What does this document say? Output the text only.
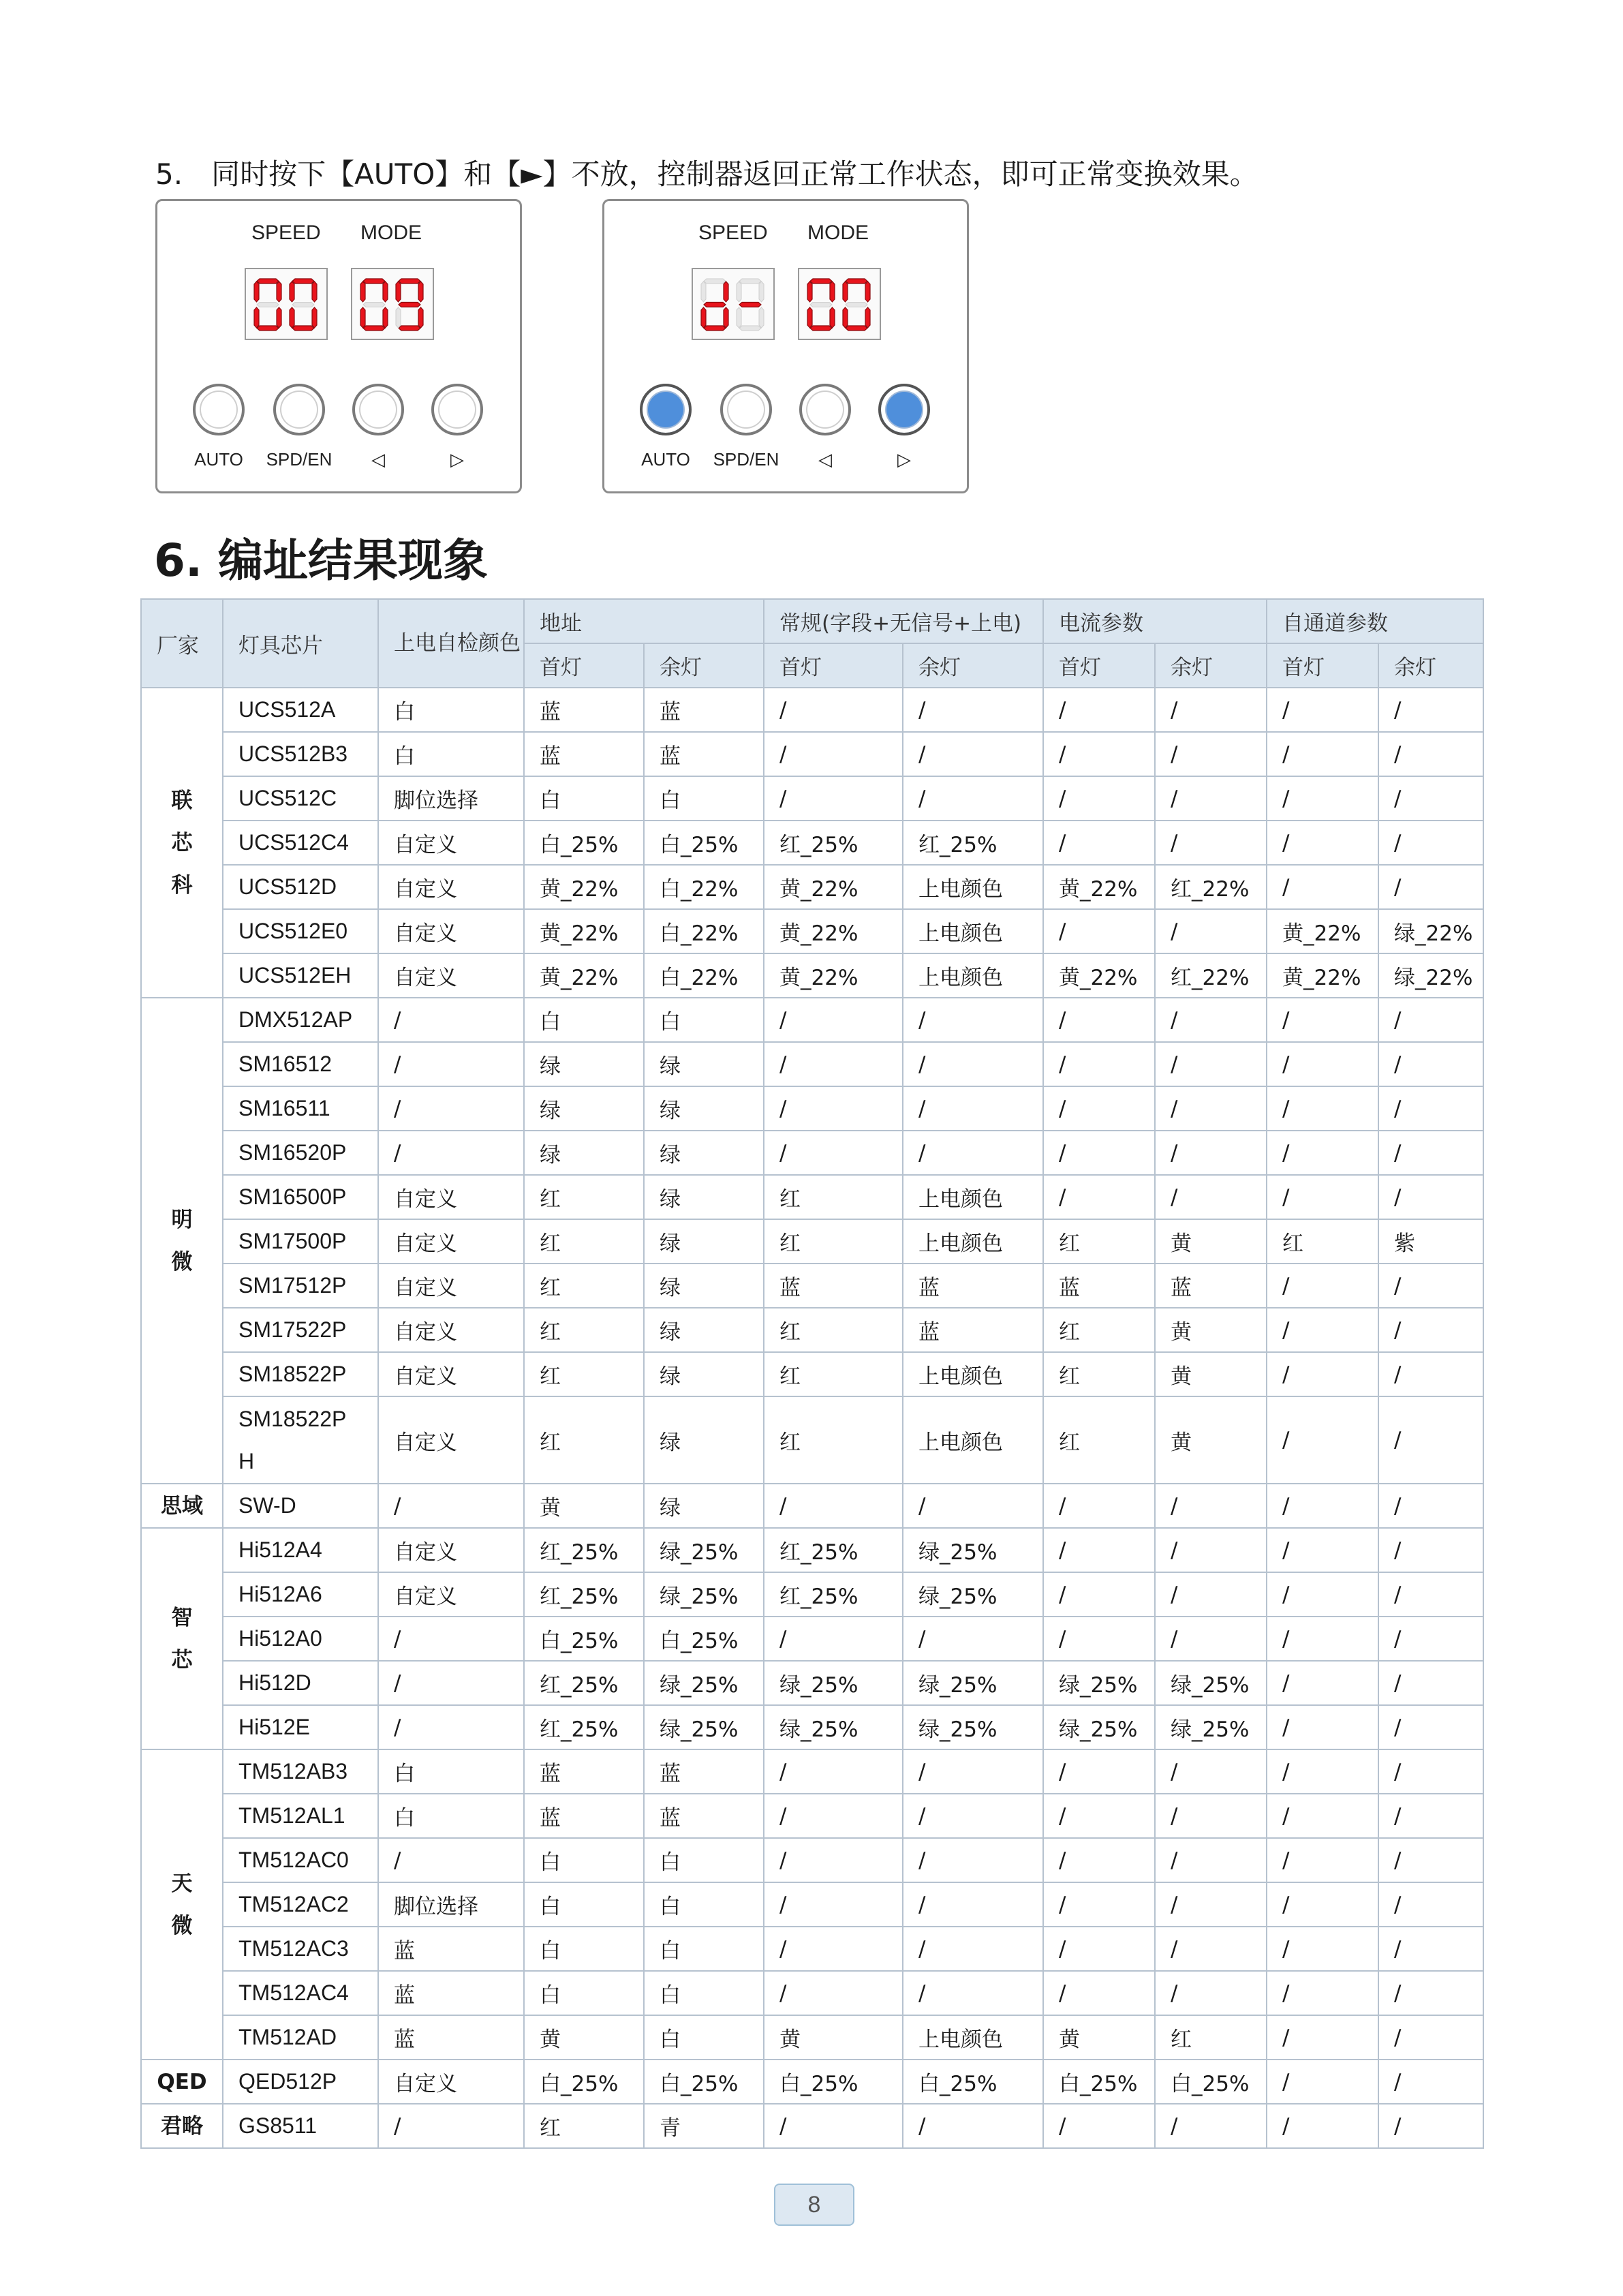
5. 同时按下【AUTO】和【►】不放，控制器返回正常工作状态，即可正常变换效果。
SPEED MODE
AUTO	SPD/EN	◁	▷
SPEED MODE
AUTO	SPD/EN	◁	▷
6. 编址结果现象
厂家	灯具芯片	上电自检颜色	地址		常规(字段+无信号+上电)		电流参数		自通道参数	
			首灯	余灯	首灯	余灯	首灯	余灯	首灯	余灯
联芯科	UCS512A	白	蓝	蓝	/	/	/	/	/	/
	UCS512B3	白	蓝	蓝	/	/	/	/	/	/
	UCS512C	脚位选择	白	白	/	/	/	/	/	/
	UCS512C4	自定义	白_25%	白_25%	红_25%	红_25%	/	/	/	/
	UCS512D	自定义	黄_22%	白_22%	黄_22%	上电颜色	黄_22%	红_22%	/	/
	UCS512E0	自定义	黄_22%	白_22%	黄_22%	上电颜色	/	/	黄_22%	绿_22%
	UCS512EH	自定义	黄_22%	白_22%	黄_22%	上电颜色	黄_22%	红_22%	黄_22%	绿_22%
明微	DMX512AP	/	白	白	/	/	/	/	/	/
	SM16512	/	绿	绿	/	/	/	/	/	/
	SM16511	/	绿	绿	/	/	/	/	/	/
	SM16520P	/	绿	绿	/	/	/	/	/	/
	SM16500P	自定义	红	绿	红	上电颜色	/	/	/	/
	SM17500P	自定义	红	绿	红	上电颜色	红	黄	红	紫
	SM17512P	自定义	红	绿	蓝	蓝	蓝	蓝	/	/
	SM17522P	自定义	红	绿	红	蓝	红	黄	/	/
	SM18522P	自定义	红	绿	红	上电颜色	红	黄	/	/
	SM18522PH	自定义	红	绿	红	上电颜色	红	黄	/	/
思域	SW-D	/	黄	绿	/	/	/	/	/	/
智芯	Hi512A4	自定义	红_25%	绿_25%	红_25%	绿_25%	/	/	/	/
	Hi512A6	自定义	红_25%	绿_25%	红_25%	绿_25%	/	/	/	/
	Hi512A0	/	白_25%	白_25%	/	/	/	/	/	/
	Hi512D	/	红_25%	绿_25%	绿_25%	绿_25%	绿_25%	绿_25%	/	/
	Hi512E	/	红_25%	绿_25%	绿_25%	绿_25%	绿_25%	绿_25%	/	/
天微	TM512AB3	白	蓝	蓝	/	/	/	/	/	/
	TM512AL1	白	蓝	蓝	/	/	/	/	/	/
	TM512AC0	/	白	白	/	/	/	/	/	/
	TM512AC2	脚位选择	白	白	/	/	/	/	/	/
	TM512AC3	蓝	白	白	/	/	/	/	/	/
	TM512AC4	蓝	白	白	/	/	/	/	/	/
	TM512AD	蓝	黄	白	黄	上电颜色	黄	红	/	/
QED	QED512P	自定义	白_25%	白_25%	白_25%	白_25%	白_25%	白_25%	/	/
君略	GS8511	/	红	青	/	/	/	/	/	/
8
